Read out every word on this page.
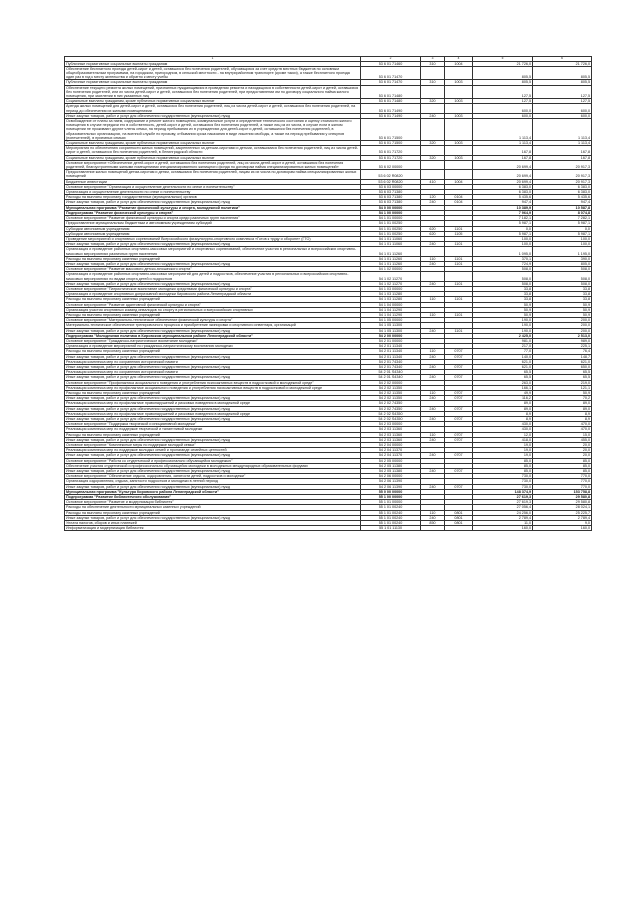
1	2	3	4	5	6
Публичные нормативные социальные выплаты гражданам	53 6 01 71460	310	1004	21 726,0	21 726,0
Обеспечение бесплатного проезда детей-сирот и детей, оставшихся без попечения родителей, обучающихся за счет средств местных бюджетов по основным общеобразовательным программам, на городском, пригородном, в сельской местности - на внутрирайонном транспорте (кроме такси), а также бесплатного проезда один раз в год к месту жительства и обратно к месту учебы	53 6 01 71470			805,5	805,5
Публичные нормативные социальные выплаты гражданам	53 6 01 71470	310	1003	805,5	805,5
Обеспечение текущего ремонта жилых помещений, признанных нуждающимися в проведении ремонта и находящихся в собственности детей-сирот и детей, оставшихся без попечения родителей, или их числа детей-сирот и детей, оставшихся без попечения родителей, при предоставлении им по договору социального найма жилого помещения, при заселении в них указанных лиц	53 6 01 71480			127,5	127,5
Социальные выплаты гражданам, кроме публичных нормативных социальных выплат	53 6 01 71480	320	1003	127,5	127,5
Аренда жилых помещений для детей-сирот и детей, оставшихся без попечения родителей, лиц из числа детей-сирот и детей, оставшихся без попечения родителей, на период до обеспечения их жилыми помещениями	53 6 01 71490			600,0	600,0
Иные закупки товаров, работ и услуг для обеспечения государственных (муниципальных) нужд	53 6 01 71490	240	1003	600,0	600,0
Освобождение от платы за наем, содержание и ремонт жилого помещения, коммунальные услуги и определение технического состояния и оценку стоимости жилого помещения в случае передачи его в собственность, детей-сирот и детей, оставшихся без попечения родителей, а также лиц из их числа, в случае если в жилом помещении не проживают другие члены семьи, на период пребывания их в учреждениях для детей-сирот и детей, оставшихся без попечения родителей, в образовательных организациях, на военной службе по призыву, отбывания срока наказания в виде лишения свободы, а также на период пребывания у опекунов (попечителей), в приемных семьях	53 6 01 71500			1 113,4	1 113,4
Социальные выплаты гражданам, кроме публичных нормативных социальных выплат	53 6 01 71500	320	1003	1 113,4	1 113,4
Мероприятия по обеспечению сохранности жилых помещений, закрепленных за детьми-сиротами и детьми, оставшимися без попечения родителей, лиц из числа детей-сирот и детей, оставшихся без попечения родителей, в Ленинградской области	53 6 01 71720			167,8	167,8
Социальные выплаты гражданам, кроме публичных нормативных социальных выплат	53 6 01 71720	320	1003	167,8	167,8
Основное мероприятие «Обеспечение детей-сирот и детей, оставшихся без попечения родителей, лиц из числа детей-сирот и детей, оставшихся без попечения родителей, благоустроенными жилыми помещениями специализированного жилищного фонда по договорам найма специализированных жилых помещений»	53 6 02 00000			20 699,4	20 917,3
Предоставление жилых помещений детям-сиротам и детям, оставшимся без попечения родителей, лицам из их числа по договорам найма специализированных жилых помещений	53 6 02 R0820			20 699,4	20 917,3
Бюджетные инвестиции	53 6 02 R0820	410	1004	20 699,4	20 917,3
Основное мероприятие "Организация и осуществление деятельности по опеке и попечительству"	53 6 03 00000			6 383,0	6 383,0
Организация и осуществление деятельности по опеке и попечительству	53 6 03 71380			6 383,0	6 383,0
Расходы на выплаты персоналу государственных (муниципальных) органов	53 6 03 71380	120	0104	5 435,6	5 435,6
Иные закупки товаров, работ и услуг для обеспечения государственных (муниципальных) нужд	53 6 03 71380	240	0104	947,4	947,4
Муниципальная программа "Развитие физической культуры и спорта, молодежной политики"	54 0 00 00000			10 389,9	10 587,8
Подпрограмма "Развитие физической культуры и спорта"	54 1 00 00000			7 964,9	8 074,8
Основное мероприятие "Развитие физической культуры и спорта среди различных групп населения"	54 1 01 00000			7 182,1	7 282,1
Предоставление муниципальным бюджетным и автономным учреждениям субсидий	54 1 01 00250			5 987,1	5 987,1
Субсидии автономным учреждениям	54 1 01 00250	620	1101	0,0	0,0
Субсидии автономным учреждениям	54 1 01 00250	620	1105	5 987,1	5 987,1
Проведение мероприятий и спортивных соревнований Всероссийского физкультурно-спортивного комплекса «Готов к труду и обороне» (ГТО)	54 1 01 11060			100,0	100,0
Иные закупки товаров, работ и услуг для обеспечения государственных (муниципальных) нужд	54 1 01 11060	240	1101	100,0	100,0
Организация и проведение районных спортивно-массовых мероприятий и спортивных соревнований, обеспечение участия в региональных и всероссийских спортивно-массовых мероприятиях различных групп населения	54 1 01 11260			1 095,0	1 195,0
Расходы на выплаты персоналу казенных учреждений	54 1 01 11260	110	1101	370,1	390,0
Иные закупки товаров, работ и услуг для обеспечения государственных (муниципальных) нужд	54 1 01 11260	240	1101	724,9	805,0
Основное мероприятие "Развитие массового детско-юношеского спорта"	54 1 02 00000			508,0	508,0
Организация и проведение районных спортивно-массовых мероприятий для детей и подростков, обеспечение участия в региональных и всероссийских спортивно-массовых мероприятиях по видам спорта детей и подростков	54 1 02 11270			508,0	508,0
Иные закупки товаров, работ и услуг для обеспечения государственных (муниципальных) нужд	54 1 02 11270	240	1101	508,0	508,0
Основное мероприятие "Патриотическое воспитание молодежи средствами физической культуры и спорта"	54 1 03 00000			33,8	33,8
Организация и проведение спортивных допризывной молодежи Кировского района Ленинградской области	54 1 03 11280			33,8	33,8
Расходы на выплаты персоналу казенных учреждений	54 1 03 11280	110	1101	33,8	33,8
Основное мероприятие "Развитие адаптивной физической культуры и спорта"	54 1 04 00000			50,9	50,9
Организация участия спортивных команд инвалидов по спорту в региональных и всероссийских спортивных	54 1 04 11290			50,9	50,9
Расходы на выплаты персоналу казенных учреждений	54 1 04 11290	110	1101	50,9	50,9
Основное мероприятие "Материально-техническое обеспечение физической культуры и спорта"	54 1 05 00000			190,0	200,0
Материально-техническое обеспечение тренировочного процесса и приобретение экипировки и спортивного инвентаря, организаций	54 1 05 11300			190,0	200,0
Иные закупки товаров, работ и услуг для обеспечения государственных (муниципальных) нужд	54 1 05 11300	240	1101	190,0	200,0
Подпрограмма "Молодежная политика в Кировском муниципальном районе Ленинградской области"	54 2 00 00000			2 425,0	2 513,0
Основное мероприятие "Гражданско-патриотическое воспитание молодежи"	54 2 01 00000			981,0	989,0
Организация и проведение мероприятий по гражданско-патриотическому воспитанию молодежи	54 2 01 11340			217,0	225,1
Расходы на выплаты персоналу казенных учреждений	54 2 01 11340	110	0707	77,0	76,4
Иные закупки товаров, работ и услуг для обеспечения государственных (муниципальных) нужд	54 2 01 11340	240	0707	140,0	148,7
Реализация комплекса мер по сохранению исторической памяти	54 2 01 74340			621,0	621,0
Иные закупки товаров, работ и услуг для обеспечения государственных (муниципальных) нужд	54 2 01 74340	240	0707	621,0	650,0
Реализация комплекса мер по сохранению исторической памяти	54 2 01 S4340			65,5	65,5
Иные закупки товаров, работ и услуг для обеспечения государственных (муниципальных) нужд	54 2 01 S4340	240	0707	65,5	65,5
Основное мероприятие "Профилактика асоциального поведения и употребления психоактивных веществ в подростковой и молодежной среде"	54 2 02 00000			263,0	219,0
Реализация комплекса мер по профилактике асоциального поведения и употребления психоактивных веществ в подростковой и молодежной среде	54 2 02 11350			166,1	121,1
Расходы на выплаты персоналу казенных учреждений	54 2 02 11350	110	0707	49,9	50,9
Иные закупки товаров, работ и услуг для обеспечения государственных (муниципальных) нужд	54 2 02 11350	240	0707	116,2	70,2
Реализация комплекса мер по профилактике правонарушений и рисковых поведения в молодежной среде	54 2 02 74350			89,0	89,0
Иные закупки товаров, работ и услуг для обеспечения государственных (муниципальных) нужд	54 2 02 74350	240	0707	89,0	89,0
Реализация комплекса мер по профилактике правонарушений и рисковых поведения в молодежной среде	54 2 02 S4350			8,9	8,9
Иные закупки товаров, работ и услуг для обеспечения государственных (муниципальных) нужд	54 2 02 S4350	240	0707	8,9	8,9
Основное мероприятие "Поддержка творческой и инициативной молодежи"	54 2 03 00000			430,0	470,0
Реализация комплекса мер по поддержке творческой и талантливой молодежи	54 2 03 11360			430,0	470,0
Расходы на выплаты персоналу казенных учреждений	54 2 03 11360	110	0707	12,0	15,0
Иные закупки товаров, работ и услуг для обеспечения государственных (муниципальных) нужд	54 2 03 11360	240	0707	418,0	455,0
Основное мероприятие "Комплексные меры по поддержке молодой семьи"	54 2 04 00000			19,0	20,0
Реализация комплекса мер по поддержке молодых семей и пропаганде семейных ценностей	54 2 04 11370			19,0	20,0
Иные закупки товаров, работ и услуг для обеспечения государственных (муниципальных) нужд	54 2 04 11370	240	0707	19,0	20,0
Основное мероприятие "Работа со студенческой и профессионально обучающейся молодежью"	54 2 05 00000			85,0	85,0
Обеспечение участия студенческой и профессионально обучающейся молодежи в молодежных международных образовательных форумах	54 2 05 11380			85,0	85,0
Иные закупки товаров, работ и услуг для обеспечения государственных (муниципальных) нужд	54 2 05 11380	240	0707	85,0	85,0
Основное мероприятие "Обеспечение отдыха, оздоровления, занятости детей, подростков и молодежи"	54 2 06 00000			730,0	770,0
Организация оздоровления, отдыха, занятости подростков и молодежи в летний период	54 2 06 11390			730,0	770,0
Иные закупки товаров, работ и услуг для обеспечения государственных (муниципальных) нужд	54 2 06 11390	240	0707	730,0	770,0
Муниципальная программа "Культура Кировского района Ленинградской области"	55 0 00 00000			148 374,9	153 758,8
Подпрограмма "Развитие библиотечного обслуживания"	55 1 00 00000			27 619,3	29 580,8
Основное мероприятие "Развитие и модернизация библиотек"	55 1 01 00000			27 619,3	29 580,8
Расходы на обеспечение деятельности муниципальных казенных учреждений	55 1 01 00240			27 056,4	28 024,1
Расходы на выплаты персоналу казенных учреждений	55 1 01 00240	110	0801	24 256,0	25 225,7
Иные закупки товаров, работ и услуг для обеспечения государственных (муниципальных) нужд	55 1 01 00240	240	0801	2 789,4	2 789,4
Уплата налогов, сборов и иных платежей	55 1 01 00240	850	0801	11,0	9,0
Информатизация и модернизация библиотек	55 1 01 11130			160,0	160,0
